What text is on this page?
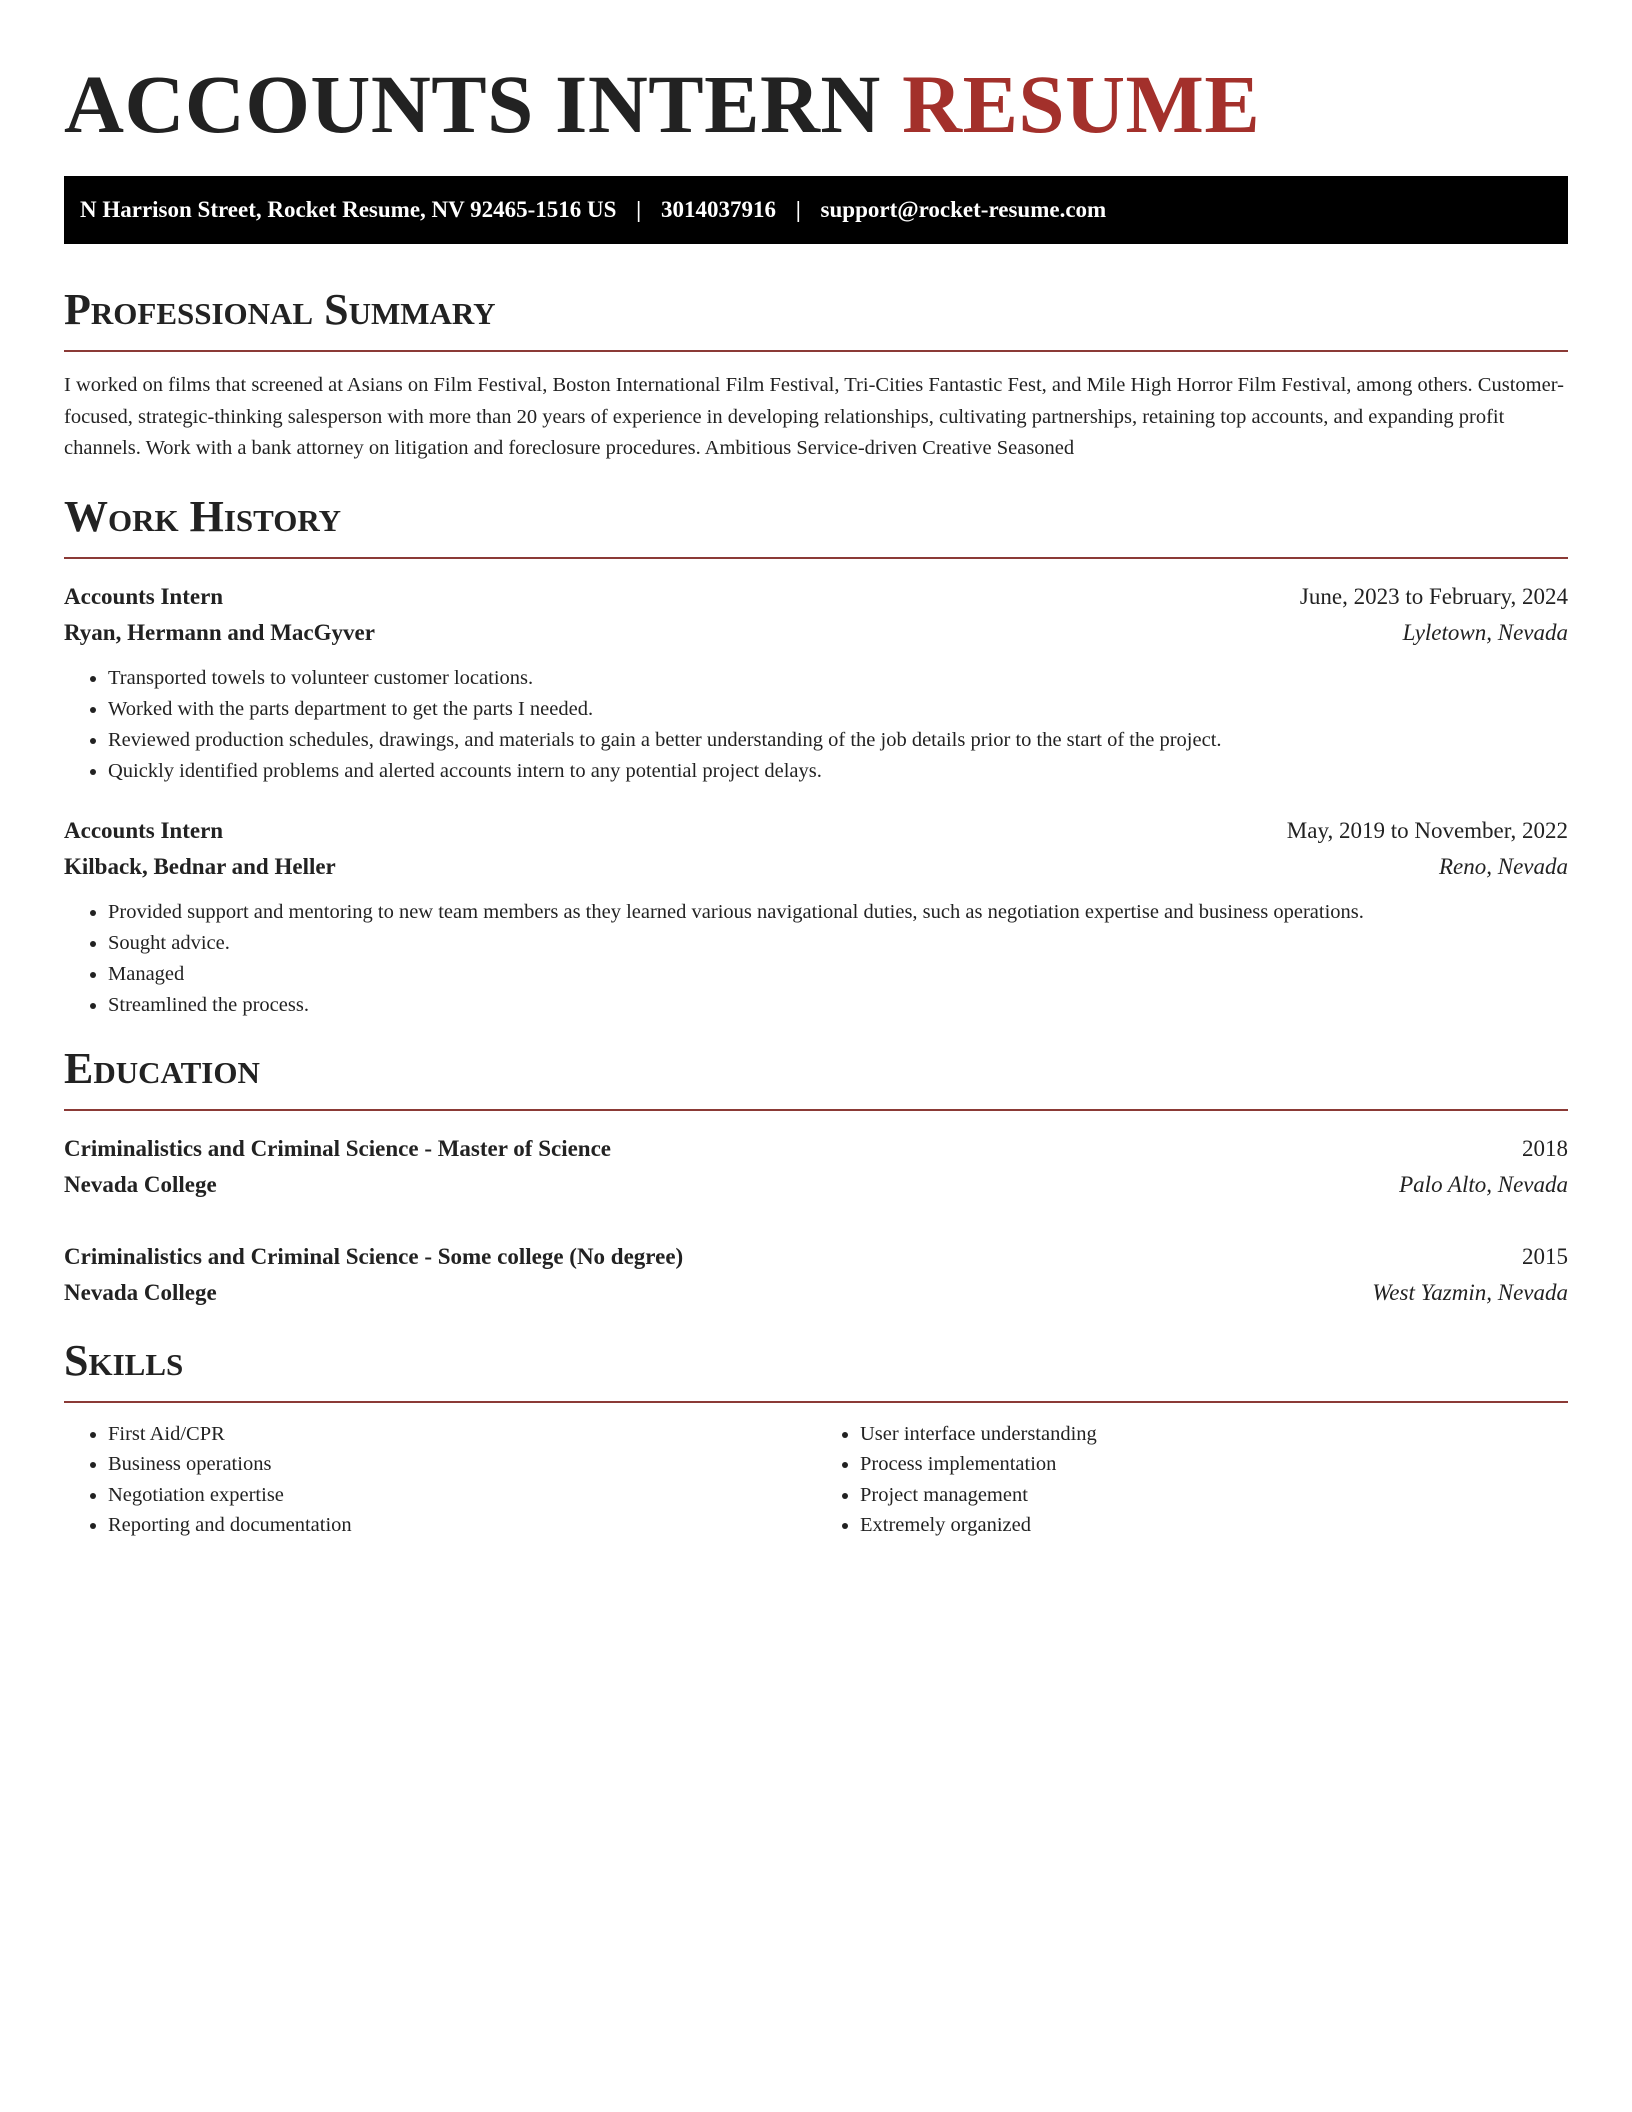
ACCOUNTS INTERN RESUME
N Harrison Street, Rocket Resume, NV 92465-1516 US | 3014037916 | support@rocket-resume.com
Professional Summary

I worked on films that screened at Asians on Film Festival, Boston International Film Festival, Tri-Cities Fantastic Fest, and Mile High Horror Film Festival, among others. Customer-focused, strategic-thinking salesperson with more than 20 years of experience in developing relationships, cultivating partnerships, retaining top accounts, and expanding profit channels. Work with a bank attorney on litigation and foreclosure procedures. Ambitious Service-driven Creative Seasoned

Work History
Accounts Intern	June, 2023 to February, 2024
Ryan, Hermann and MacGyver	Lyletown, Nevada
• Transported towels to volunteer customer locations.
• Worked with the parts department to get the parts I needed.
• Reviewed production schedules, drawings, and materials to gain a better understanding of the job details prior to the start of the project.
• Quickly identified problems and alerted accounts intern to any potential project delays.
Accounts Intern	May, 2019 to November, 2022
Kilback, Bednar and Heller	Reno, Nevada
• Provided support and mentoring to new team members as they learned various navigational duties, such as negotiation expertise and business operations.
• Sought advice.
• Managed
• Streamlined the process.
Education
Criminalistics and Criminal Science - Master of Science	2018
Nevada College	Palo Alto, Nevada
Criminalistics and Criminal Science - Some college (No degree)	2015
Nevada College	West Yazmin, Nevada
Skills
• First Aid/CPR
• Business operations
• Negotiation expertise
• Reporting and documentation
• User interface understanding
• Process implementation
• Project management
• Extremely organized
